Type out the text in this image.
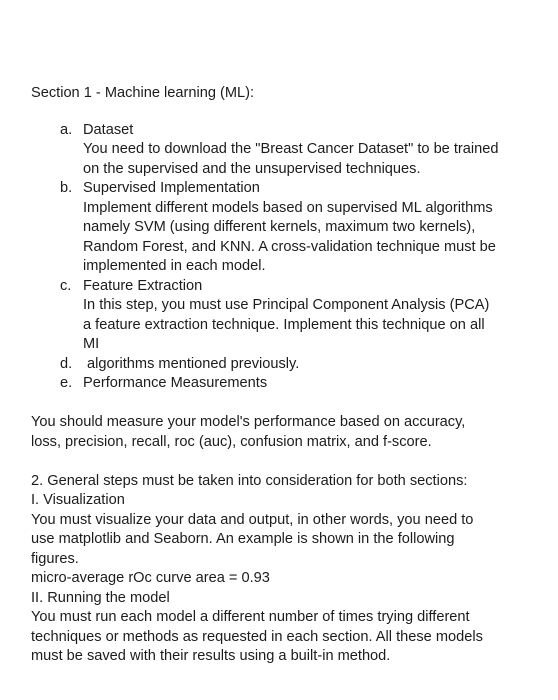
Section 1 - Machine learning (ML):

a. Dataset
You need to download the "Breast Cancer Dataset" to be trained
on the supervised and the unsupervised techniques.
b. Supervised Implementation
Implement different models based on supervised ML algorithms
namely SVM (using different kernels, maximum two kernels),
Random Forest, and KNN. A cross-validation technique must be
implemented in each model.
c. Feature Extraction
In this step, you must use Principal Component Analysis (PCA)
a feature extraction technique. Implement this technique on all
MI
d. algorithms mentioned previously.
e. Performance Measurements

You should measure your model's performance based on accuracy,

loss, precision, recall, roc (auc), confusion matrix, and f-score.

2. General steps must be taken into consideration for both sections:

I. Visualization

You must visualize your data and output, in other words, you need to

use matplotlib and Seaborn. An example is shown in the following

figures.

micro-average rOc curve area = 0.93

II. Running the model

You must run each model a different number of times trying different

techniques or methods as requested in each section. All these models

must be saved with their results using a built-in method.
